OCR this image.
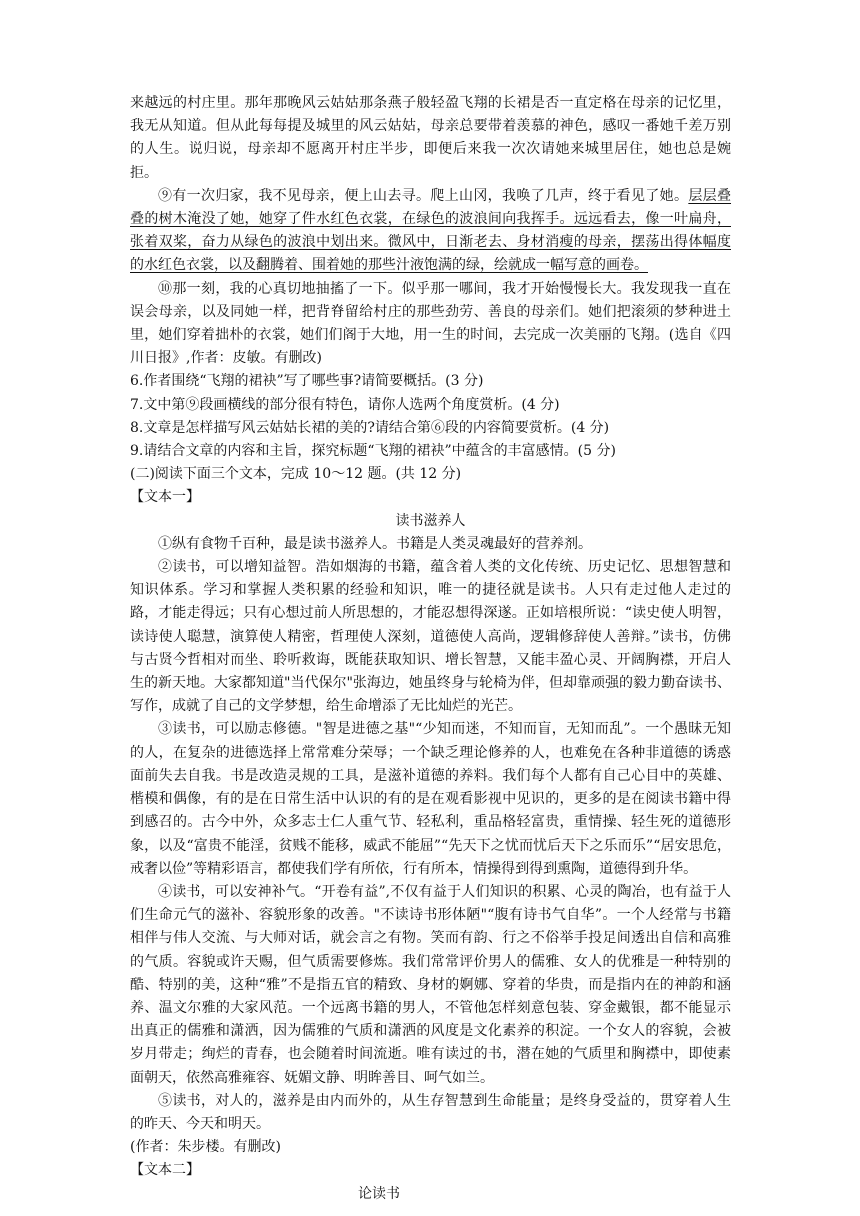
来越远的村庄里。那年那晚风云姑姑那条燕子般轻盈飞翔的长裙是否一直定格在母亲的记忆里，我无从知道。但从此每每提及城里的风云姑姑，母亲总要带着羡慕的神色，感叹一番她千差万别的人生。说归说，母亲却不愿离开村庄半步，即便后来我一次次请她来城里居住，她也总是婉拒。

⑨有一次归家，我不见母亲，便上山去寻。爬上山冈，我唤了几声，终于看见了她。层层叠叠的树木淹没了她，她穿了件水红色衣裳，在绿色的波浪间向我挥手。远远看去，像一叶扁舟，张着双桨，奋力从绿色的波浪中划出来。微风中，日渐老去、身材消瘦的母亲，摆荡出得体幅度的水红色衣裳，以及翻腾着、围着她的那些汁液饱满的绿，绘就成一幅写意的画卷。

⑩那一刻，我的心真切地抽搐了一下。似乎那一哪间，我才开始慢慢长大。我发现我一直在误会母亲，以及同她一样，把背脊留给村庄的那些劲劳、善良的母亲们。她们把滚须的梦种进土里，她们穿着拙朴的衣裳，她们们阁于大地，用一生的时间，去完成一次美丽的飞翔。(选自《四川日报》,作者：皮敏。有删改)

6.作者围绕“飞翔的裙袂”写了哪些事?请简要概括。(3 分)

7.文中第⑨段画横线的部分很有特色，请你人选两个角度赏析。(4 分)

8.文章是怎样描写风云姑姑长裙的美的?请结合第⑥段的内容简要赏析。(4 分)

9.请结合文章的内容和主旨，探究标题“飞翔的裙袂”中蕴含的丰富感情。(5 分)

(二)阅读下面三个文本，完成 10～12 题。(共 12 分)

【文本一】

读书滋养人

①纵有食物千百种，最是读书滋养人。书籍是人类灵魂最好的营养剂。

②读书，可以增知益智。浩如烟海的书籍，蕴含着人类的文化传统、历史记忆、思想智慧和知识体系。学习和掌握人类积累的经验和知识，唯一的捷径就是读书。人只有走过他人走过的路，才能走得远；只有心想过前人所思想的，才能忍想得深遂。正如培根所说：“读史使人明智，读诗使人聪慧，演算使人精密，哲理使人深刻，道德使人高尚，逻辑修辞使人善辩。”读书，仿佛与古贤今哲相对而坐、聆听救诲，既能获取知识、增长智慧，又能丰盈心灵、开阔胸襟，开启人生的新天地。大家都知道"当代保尔"张海边，她虽终身与轮椅为伴，但却靠顽强的毅力勤奋读书、写作，成就了自己的文学梦想，给生命增添了无比灿烂的光芒。

③读书，可以励志修德。"智是进德之基"“少知而迷，不知而盲，无知而乱”。一个愚昧无知的人，在复杂的进德选择上常常难分荣辱；一个缺乏理论修养的人，也难免在各种非道德的诱惑面前失去自我。书是改造灵规的工具，是滋补道德的养料。我们每个人都有自己心目中的英雄、楷模和偶像，有的是在日常生活中认识的有的是在观看影视中见识的，更多的是在阅读书籍中得到感召的。古今中外，众多志士仁人重气节、轻私利，重品格轻富贵，重情操、轻生死的道德形象，以及“富贵不能淫，贫贱不能移，威武不能屈”“先天下之忧而忧后天下之乐而乐”“居安思危，戒奢以俭”等精彩语言，都使我们学有所依，行有所本，情操得到得到熏陶，道德得到升华。

④读书，可以安神补气。“开卷有益”,不仅有益于人们知识的积累、心灵的陶冶，也有益于人们生命元气的滋补、容貌形象的改善。"不读诗书形体陋"“腹有诗书气自华”。一个人经常与书籍相伴与伟人交流、与大师对话，就会言之有物。笑而有韵、行之不俗举手投足间透出自信和高雅的气质。容貌或许天赐，但气质需要修炼。我们常常评价男人的儒雅、女人的优雅是一种特别的酷、特别的美，这种“雅”不是指五官的精致、身材的婀娜、穿着的华贵，而是指内在的神韵和涵养、温文尔雅的大家风范。一个远离书籍的男人，不管他怎样刻意包装、穿金戴银，都不能显示出真正的儒雅和潇洒，因为儒雅的气质和潇洒的风度是文化素养的积淀。一个女人的容貌，会被岁月带走；绚烂的青春，也会随着时间流逝。唯有读过的书，潜在她的气质里和胸襟中，即使素面朝天，依然高雅雍容、妩媚文静、明眸善目、呵气如兰。

⑤读书，对人的，滋养是由内而外的，从生存智慧到生命能量；是终身受益的，贯穿着人生的昨天、今天和明天。

(作者：朱步楼。有删改)

【文本二】

论读书
